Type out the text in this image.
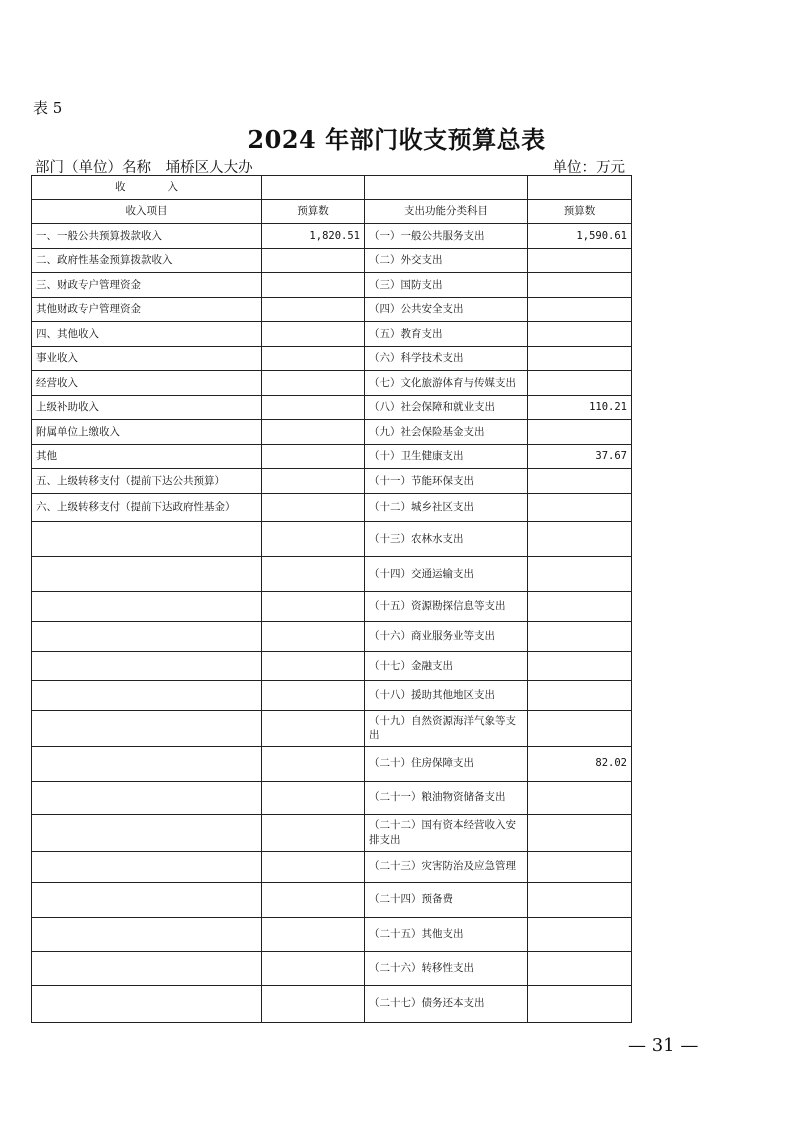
表 5
2024 年部门收支预算总表
部门（单位）名称 埇桥区人大办	单位：万元
收　　　　入			
收入项目	预算数	支出功能分类科目	预算数
一、一般公共预算拨款收入	1,820.51	（一）一般公共服务支出	1,590.61
二、政府性基金预算拨款收入		（二）外交支出	
三、财政专户管理资金		（三）国防支出	
其他财政专户管理资金		（四）公共安全支出	
四、其他收入		（五）教育支出	
事业收入		（六）科学技术支出	
经营收入		（七）文化旅游体育与传媒支出	
上级补助收入		（八）社会保障和就业支出	110.21
附属单位上缴收入		（九）社会保险基金支出	
其他		（十）卫生健康支出	37.67
五、上级转移支付（提前下达公共预算）		（十一）节能环保支出	
六、上级转移支付（提前下达政府性基金）		（十二）城乡社区支出	
		（十三）农林水支出	
		（十四）交通运输支出	
		（十五）资源勘探信息等支出	
		（十六）商业服务业等支出	
		（十七）金融支出	
		（十八）援助其他地区支出	
		（十九）自然资源海洋气象等支出	
		（二十）住房保障支出	82.02
		（二十一）粮油物资储备支出	
		（二十二）国有资本经营收入安排支出	
		（二十三）灾害防治及应急管理	
		（二十四）预备费	
		（二十五）其他支出	
		（二十六）转移性支出	
		（二十七）债务还本支出	
— 31 —
